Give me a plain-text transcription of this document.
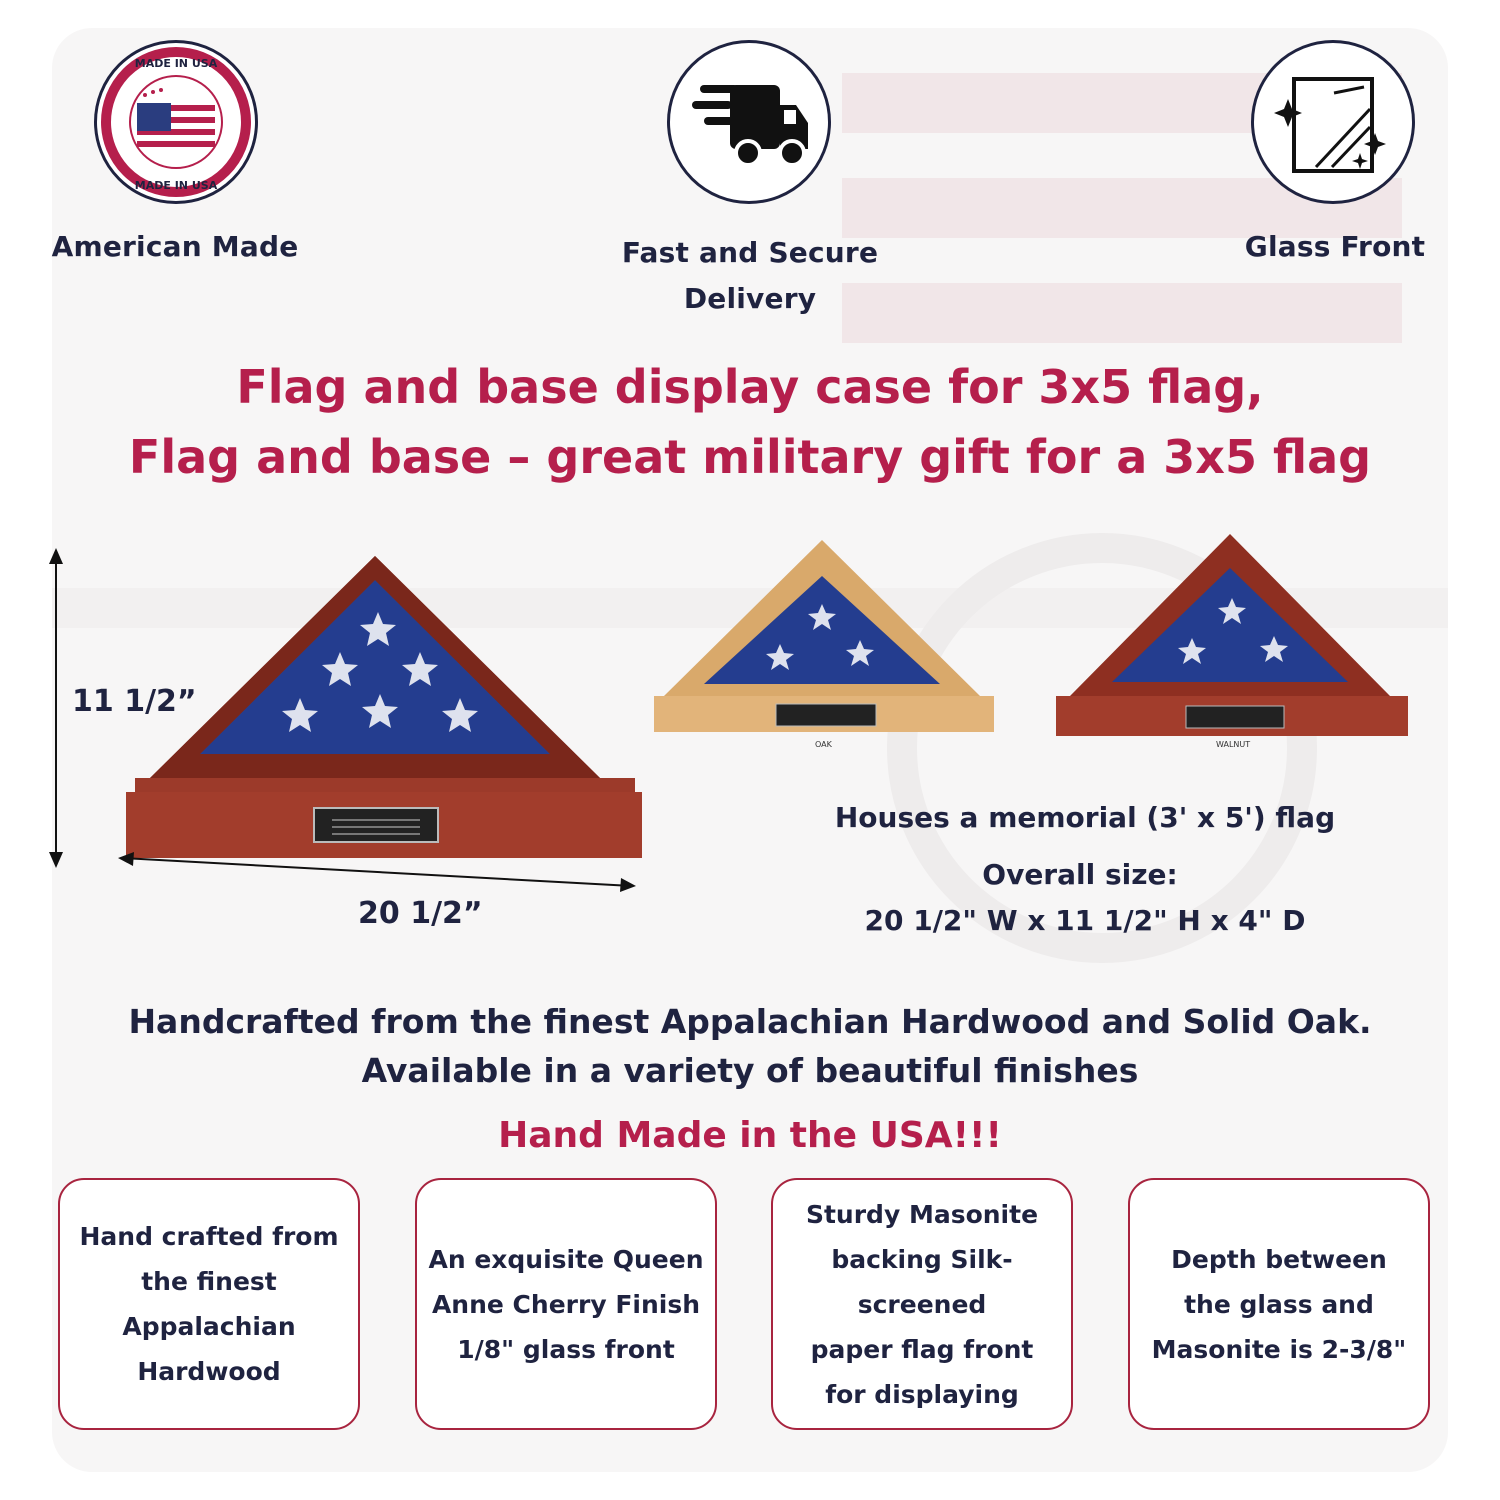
MADE IN USA
MADE IN USA
American Made	Fast and Secure Delivery
Glass Front
Flag and base display case for 3x5 flag,
Flag and base – great military gift for a 3x5 flag
11 1/2”
20 1/2”
OAK	WALNUT
Houses a memorial (3' x 5') flag
Overall size:
20 1/2" W x 11 1/2" H x 4" D
Handcrafted from the finest Appalachian Hardwood and Solid Oak.
Available in a variety of beautiful finishes
Hand Made in the USA!!!
Hand crafted from
the finest
Appalachian
Hardwood
An exquisite Queen
Anne Cherry Finish
1/8" glass front
Sturdy Masonite
backing Silk-screened
paper flag front
for displaying
Depth between
the glass and
Masonite is 2-3/8"
